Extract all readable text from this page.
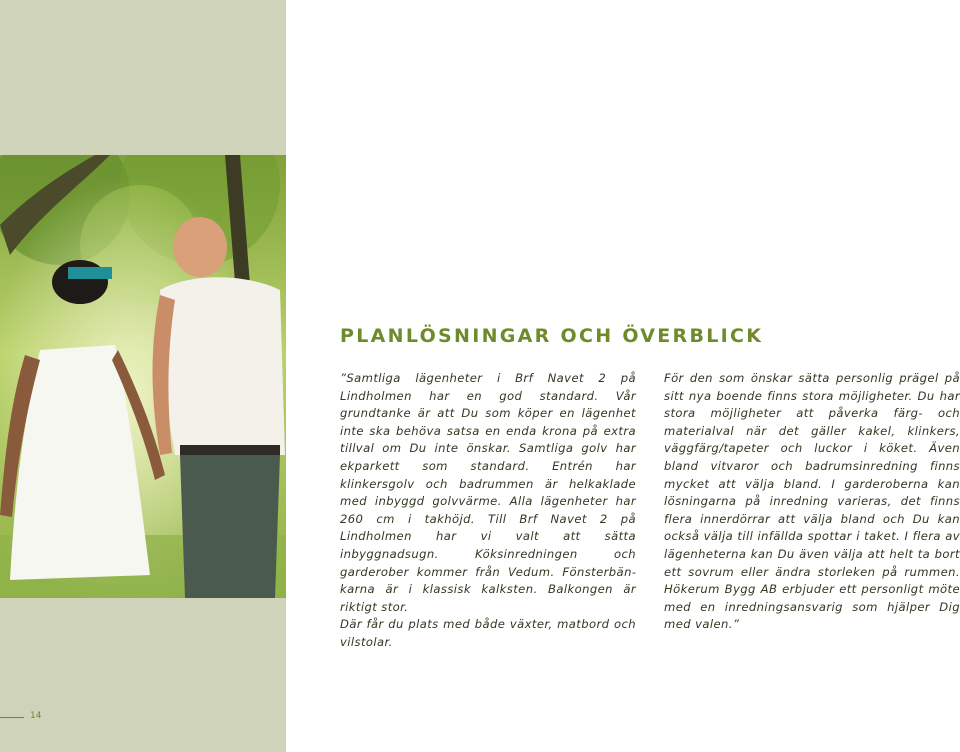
PLANLÖSNINGAR OCH ÖVERBLICK

”Samtliga lägenheter i Brf Navet 2 på Lindholmen har en god standard. Vår grundtanke är att Du som köper en lägenhet inte ska behöva satsa en enda krona på extra tillval om Du inte önskar. Samtliga golv har ekparkett som standard. Entrén har klinkersgolv och badrummen är helkaklade med inbyggd golvvärme. Alla lägenheter har 260 cm i takhöjd. Till Brf Navet 2 på Lindholmen har vi valt att sätta inbyggnadsugn. Köksinredningen och garderober kommer från Vedum. Fönsterbänkarna är i klassisk kalksten. Balkongen är riktigt stor.

Där får du plats med både växter, matbord och vilstolar.

För den som önskar sätta personlig prägel på sitt nya boende finns stora möjligheter. Du har stora möjligheter att påverka färg- och materialval när det gäller kakel, klinkers, väggfärg/tapeter och luckor i köket. Även bland vitvaror och badrumsinredning finns mycket att välja bland. I garderoberna kan lösningarna på inredning varieras, det finns flera innerdörrar att välja bland och Du kan också välja till infällda spottar i taket. I flera av lägenheterna kan Du även välja att helt ta bort ett sovrum eller ändra storleken på rummen. Hökerum Bygg AB erbjuder ett personligt möte med en inredningsansvarig som hjälper Dig med valen.”

14
